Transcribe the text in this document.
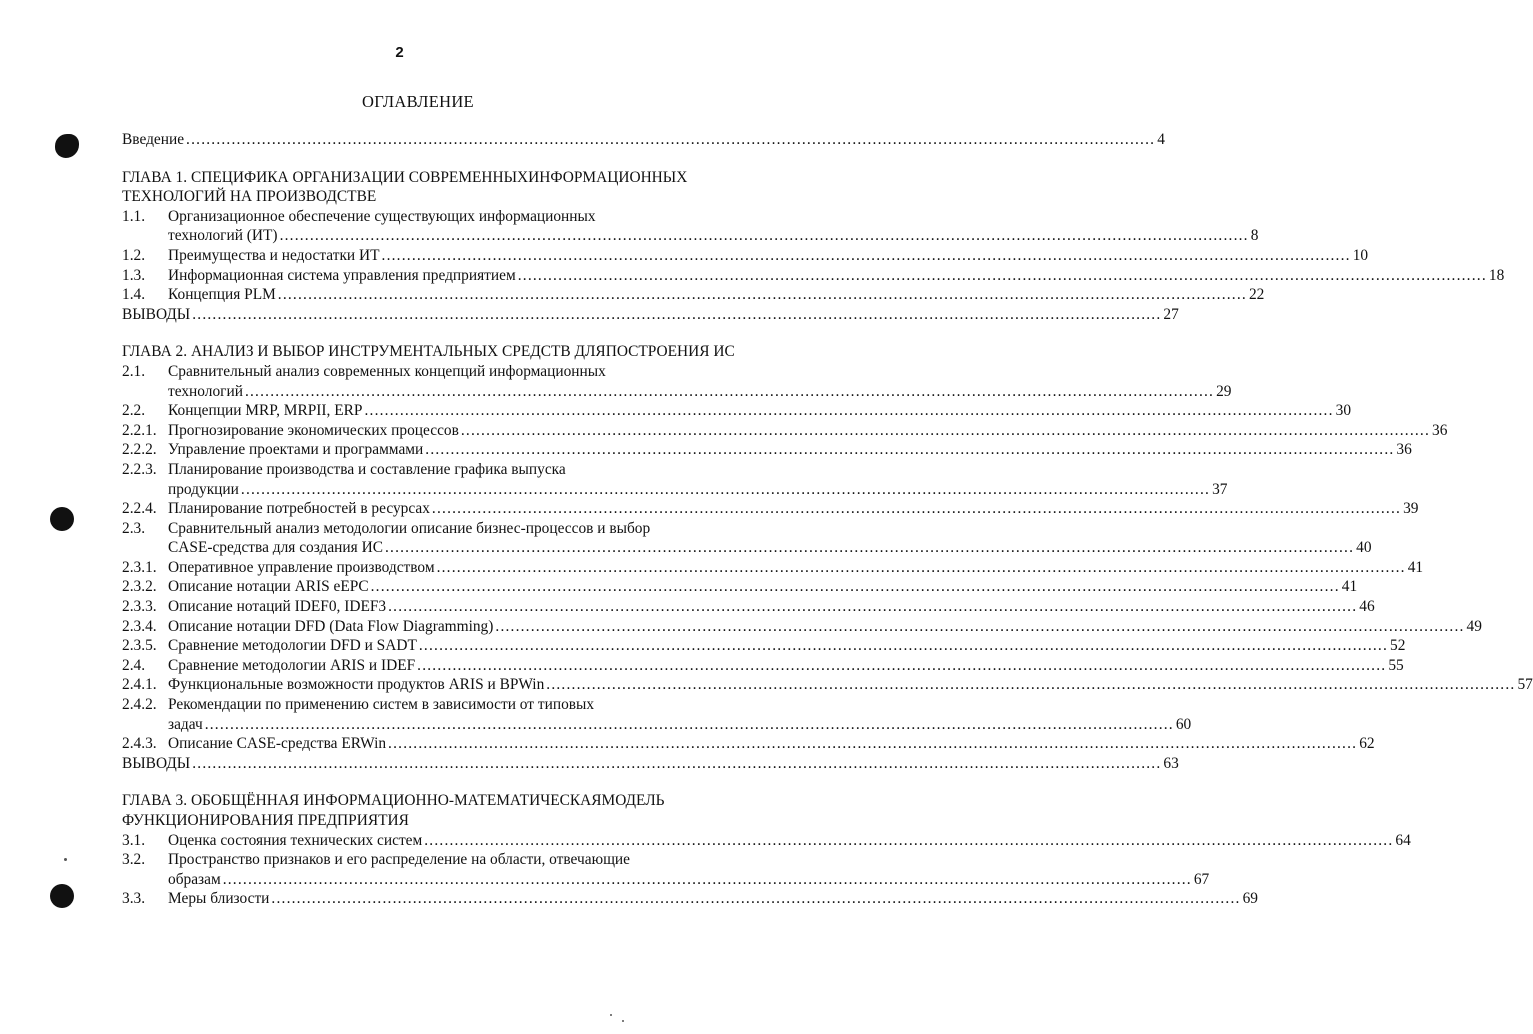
2
ОГЛАВЛЕНИЕ
Введение .....	4
ГЛАВА 1. СПЕЦИФИКА ОРГАНИЗАЦИИ СОВРЕМЕННЫХИНФОРМАЦИОННЫХ ТЕХНОЛОГИЙ НА ПРОИЗВОДСТВЕ
1.1. Организационное обеспечение существующих информационных
технологий (ИТ) .....	8
1.2. Преимущества и недостатки ИТ .....	10
1.3. Информационная система управления предприятием .....	18
1.4. Концепция PLM .....	22
ВЫВОДЫ .....	27
ГЛАВА 2. АНАЛИЗ И ВЫБОР ИНСТРУМЕНТАЛЬНЫХ СРЕДСТВ ДЛЯПОСТРОЕНИЯ ИС
2.1. Сравнительный анализ современных концепций информационных
технологий .....	29
2.2. Концепции MRP, MRPII, ERP .....	30
2.2.1. Прогнозирование экономических процессов .....	36
2.2.2. Управление проектами и программами .....	36
2.2.3. Планирование производства и составление графика выпуска
продукции .....	37
2.2.4. Планирование потребностей в ресурсах .....	39
2.3. Сравнительный анализ методологии описание бизнес-процессов и выбор
CASE-средства для создания ИС .....	40
2.3.1. Оперативное управление производством .....	41
2.3.2. Описание нотации ARIS eEPC .....	41
2.3.3. Описание нотаций IDEF0, IDEF3 .....	46
2.3.4. Описание нотации DFD (Data Flow Diagramming) .....	49
2.3.5. Сравнение методологии DFD и SADT .....	52
2.4. Сравнение методологии ARIS и IDEF .....	55
2.4.1. Функциональные возможности продуктов ARIS и BPWin .....	57
2.4.2. Рекомендации по применению систем в зависимости от типовых
задач .....	60
2.4.3. Описание CASE-средства ERWin .....	62
ВЫВОДЫ .....	63
ГЛАВА 3. ОБОБЩЁННАЯ ИНФОРМАЦИОННО-МАТЕМАТИЧЕСКАЯМОДЕЛЬ ФУНКЦИОНИРОВАНИЯ ПРЕДПРИЯТИЯ
3.1. Оценка состояния технических систем .....	64
3.2. Пространство признаков и его распределение на области, отвечающие
образам .....	67
3.3. Меры близости .....	69
